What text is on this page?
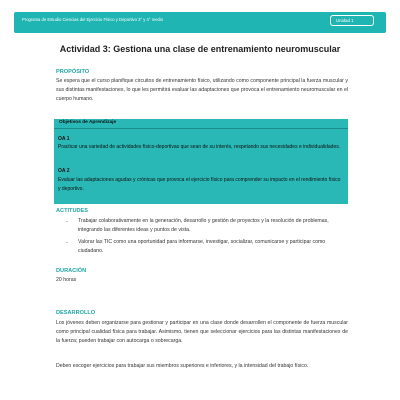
Programa de Estudio Ciencias del Ejercicio Físico y Deportivo 3° y 4° medio	Unidad 1
Actividad 3: Gestiona una clase de entrenamiento neuromuscular
PROPÓSITO
Se espera que el curso planifique circuitos de entrenamiento físico, utilizando como componente principal la fuerza muscular y sus distintas manifestaciones, lo que les permitirá evaluar las adaptaciones que provoca el entrenamiento neuromuscular en el cuerpo humano.
Objetivos de Aprendizaje
OA 1
Practicar una variedad de actividades físico-deportivas que sean de su interés, respetando sus necesidades e individualidades.
OA 2
Evaluar las adaptaciones agudas y crónicas que provoca el ejercicio físico para comprender su impacto en el rendimiento físico y deportivo.
ACTITUDES
- Trabajar colaborativamente en la generación, desarrollo y gestión de proyectos y la resolución de problemas, integrando las diferentes ideas y puntos de vista.
- Valorar las TIC como una oportunidad para informarse, investigar, socializar, comunicarse y participar como ciudadano.
DURACIÓN
20 horas
DESARROLLO
Los jóvenes deben organizarse para gestionar y participar en una clase donde desarrollen el componente de fuerza muscular como principal cualidad física para trabajar. Asimismo, tienen que seleccionar ejercicios para las distintas manifestaciones de la fuerza; pueden trabajar con autocarga o sobrecarga.
Deben escoger ejercicios para trabajar sus miembros superiores e inferiores, y la intensidad del trabajo físico.
